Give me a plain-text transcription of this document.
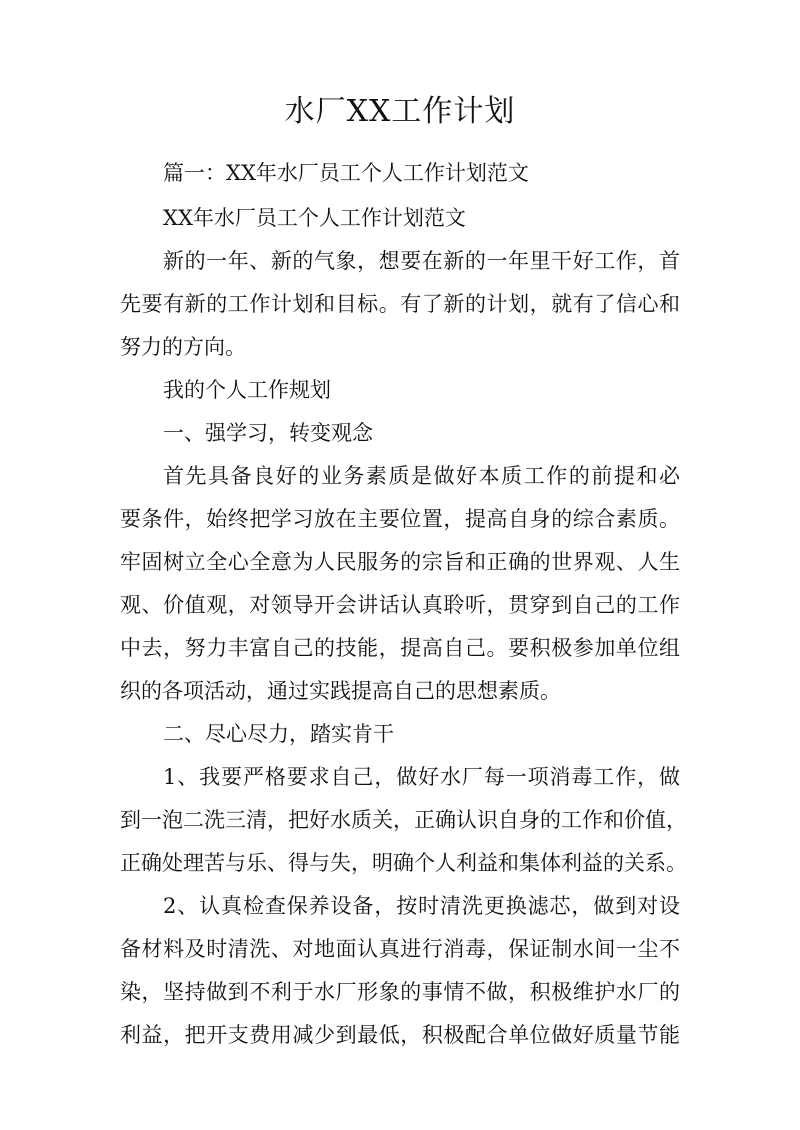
水厂XX工作计划
篇一：XX年水厂员工个人工作计划范文
XX年水厂员工个人工作计划范文
新的一年、新的气象，想要在新的一年里干好工作，首
先要有新的工作计划和目标。有了新的计划，就有了信心和
努力的方向。
我的个人工作规划
一、强学习，转变观念
首先具备良好的业务素质是做好本质工作的前提和必
要条件，始终把学习放在主要位置，提高自身的综合素质。
牢固树立全心全意为人民服务的宗旨和正确的世界观、人生
观、价值观，对领导开会讲话认真聆听，贯穿到自己的工作
中去，努力丰富自己的技能，提高自己。要积极参加单位组
织的各项活动，通过实践提高自己的思想素质。
二、尽心尽力，踏实肯干
1、我要严格要求自己，做好水厂每一项消毒工作，做
到一泡二洗三清，把好水质关，正确认识自身的工作和价值，
正确处理苦与乐、得与失，明确个人利益和集体利益的关系。
2、认真检查保养设备，按时清洗更换滤芯，做到对设
备材料及时清洗、对地面认真进行消毒，保证制水间一尘不
染，坚持做到不利于水厂形象的事情不做，积极维护水厂的
利益，把开支费用减少到最低，积极配合单位做好质量节能
